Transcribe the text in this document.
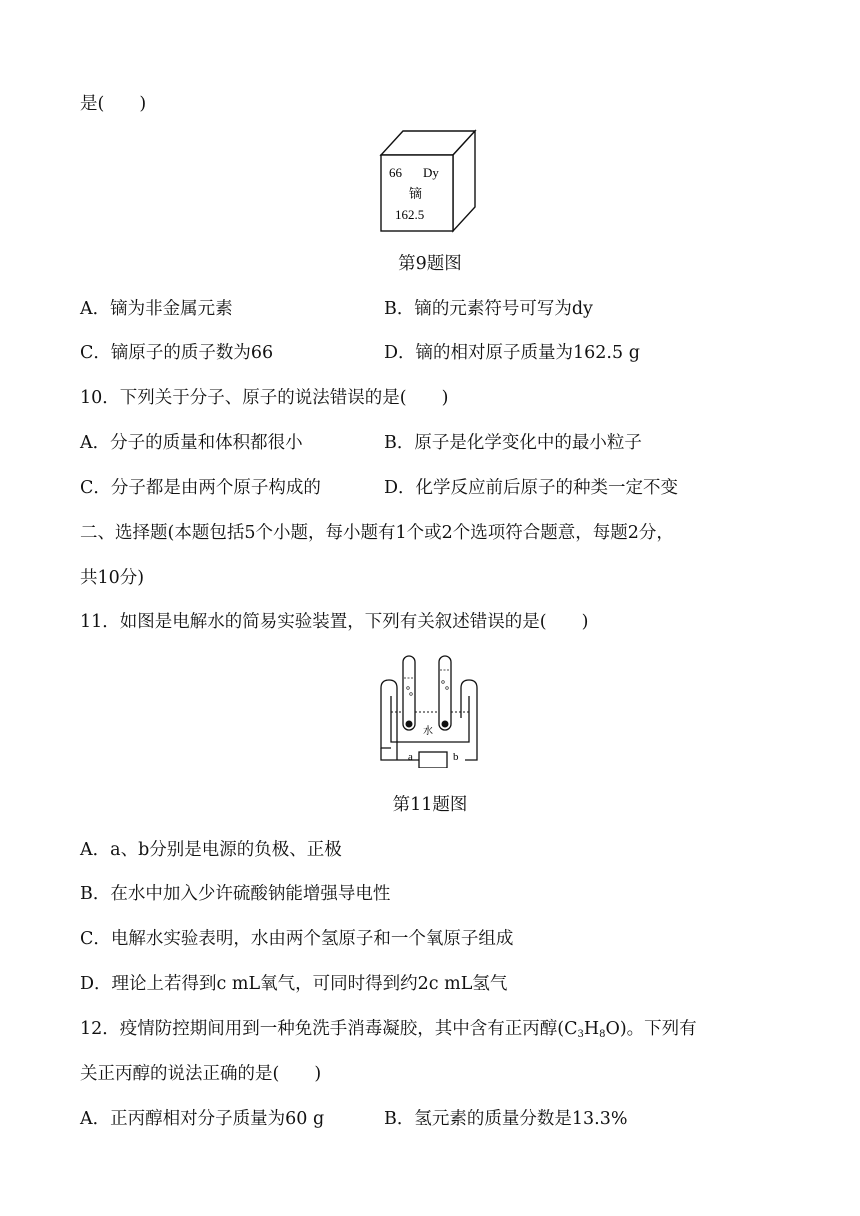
是(　　)
66 Dy
镝
162.5
第9题图
A．镝为非金属元素	B．镝的元素符号可写为dy
C．镝原子的质子数为66	D．镝的相对原子质量为162.5 g
10．下列关于分子、原子的说法错误的是(　　)
A．分子的质量和体积都很小	B．原子是化学变化中的最小粒子
C．分子都是由两个原子构成的	D．化学反应前后原子的种类一定不变
二、选择题(本题包括5个小题，每小题有1个或2个选项符合题意，每题2分，
共10分)
11．如图是电解水的简易实验装置，下列有关叙述错误的是(　　)
水
a	b
第11题图
A．a、b分别是电源的负极、正极
B．在水中加入少许硫酸钠能增强导电性
C．电解水实验表明，水由两个氢原子和一个氧原子组成
D．理论上若得到c mL氧气，可同时得到约2c mL氢气
12．疫情防控期间用到一种免洗手消毒凝胶，其中含有正丙醇$(C_3H_8O)$。下列有
关正丙醇的说法正确的是(　　)
A．正丙醇相对分子质量为60 g	B．氢元素的质量分数是13.3%
